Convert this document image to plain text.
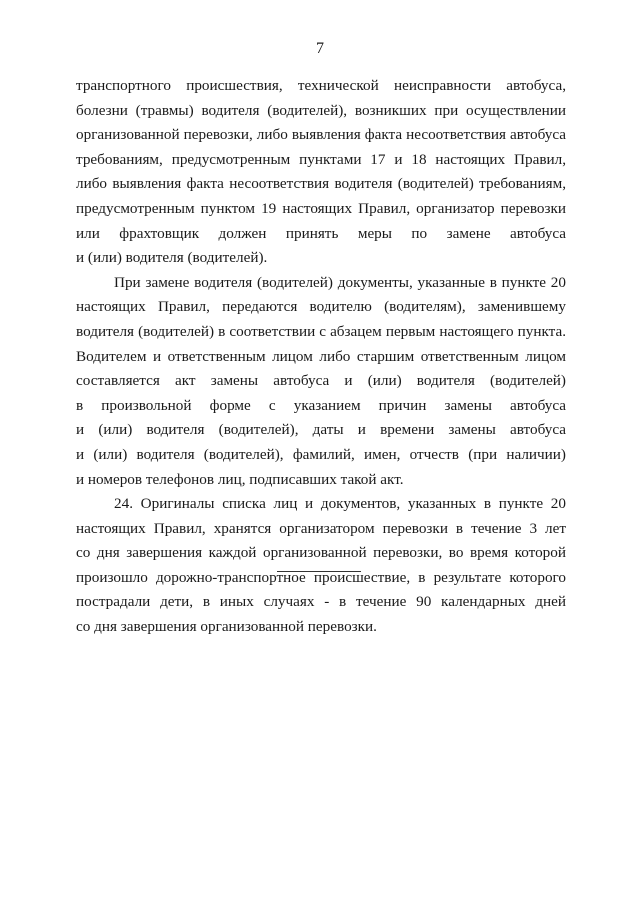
7
транспортного происшествия, технической неисправности автобуса,
болезни (травмы) водителя (водителей), возникших при осуществлении
организованной перевозки, либо выявления факта несоответствия автобуса
требованиям, предусмотренным пунктами 17 и 18 настоящих Правил,
либо выявления факта несоответствия водителя (водителей) требованиям,
предусмотренным пунктом 19 настоящих Правил, организатор перевозки
или фрахтовщик должен принять меры по замене автобуса
и (или) водителя (водителей).
При замене водителя (водителей) документы, указанные в пункте 20
настоящих Правил, передаются водителю (водителям), заменившему
водителя (водителей) в соответствии с абзацем первым настоящего пункта.
Водителем и ответственным лицом либо старшим ответственным лицом
составляется акт замены автобуса и (или) водителя (водителей)
в произвольной форме с указанием причин замены автобуса
и (или) водителя (водителей), даты и времени замены автобуса
и (или) водителя (водителей), фамилий, имен, отчеств (при наличии)
и номеров телефонов лиц, подписавших такой акт.
24. Оригиналы списка лиц и документов, указанных в пункте 20
настоящих Правил, хранятся организатором перевозки в течение 3 лет
со дня завершения каждой организованной перевозки, во время которой
произошло дорожно-транспортное происшествие, в результате которого
пострадали дети, в иных случаях - в течение 90 календарных дней
со дня завершения организованной перевозки.
